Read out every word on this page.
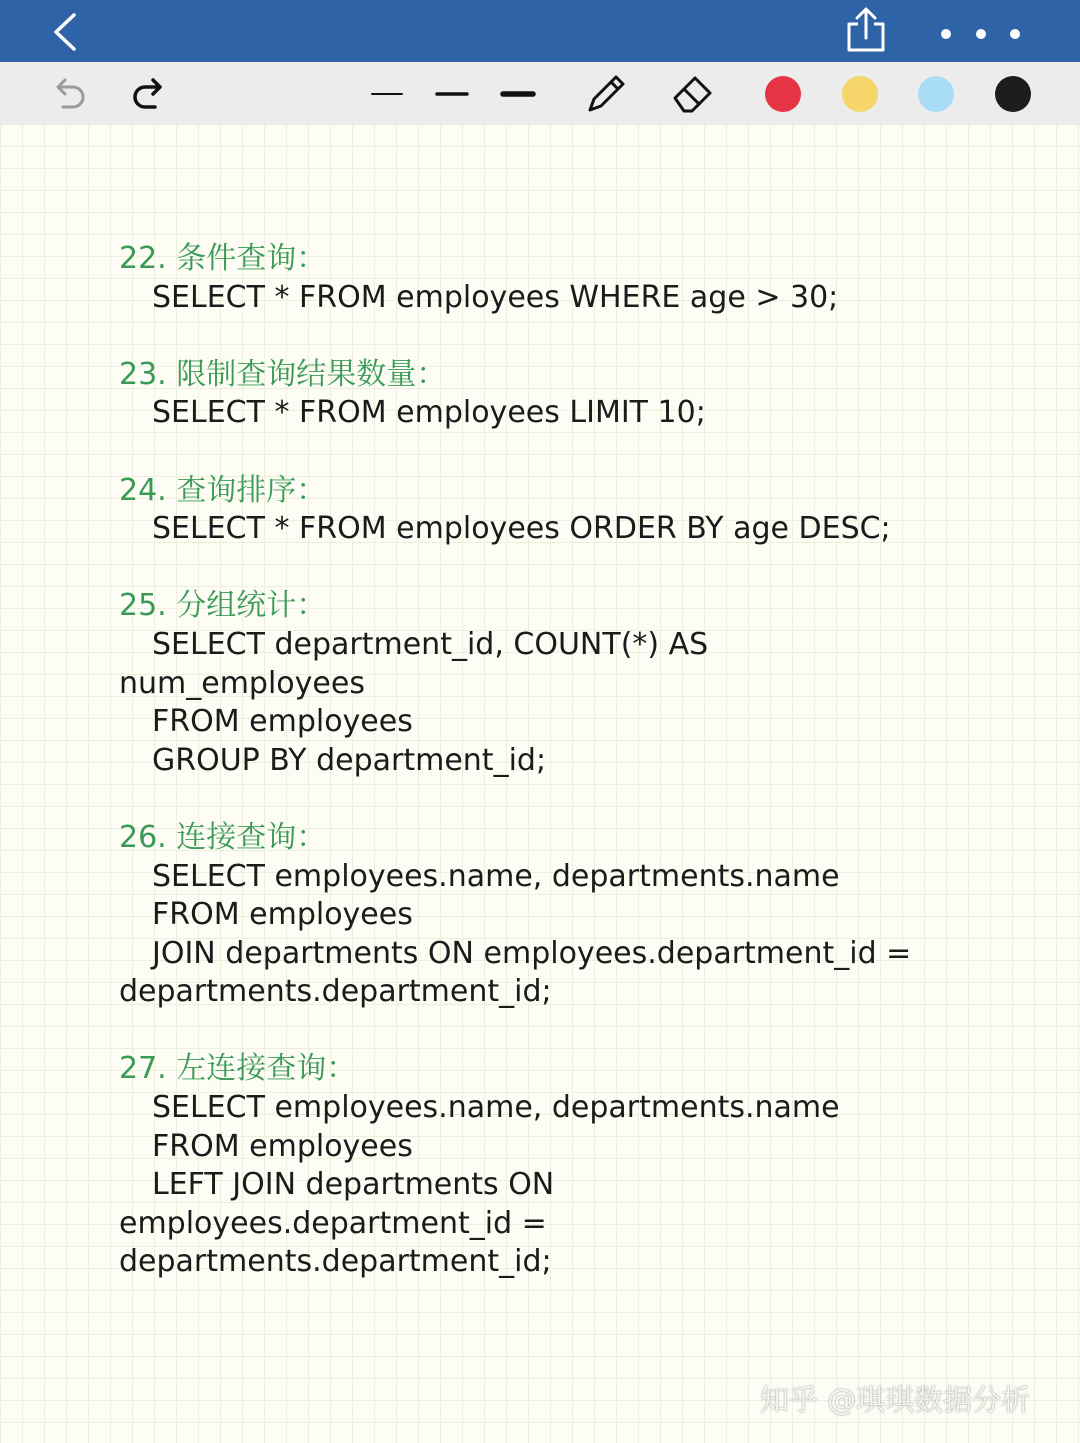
22. 条件查询：
SELECT * FROM employees WHERE age > 30;
23. 限制查询结果数量：
SELECT * FROM employees LIMIT 10;
24. 查询排序：
SELECT * FROM employees ORDER BY age DESC;
25. 分组统计：
SELECT department_id, COUNT(*) AS
num_employees
FROM employees
GROUP BY department_id;
26. 连接查询：
SELECT employees.name, departments.name
FROM employees
JOIN departments ON employees.department_id =
departments.department_id;
27. 左连接查询：
SELECT employees.name, departments.name
FROM employees
LEFT JOIN departments ON
employees.department_id =
departments.department_id;
知乎 @琪琪数据分析
